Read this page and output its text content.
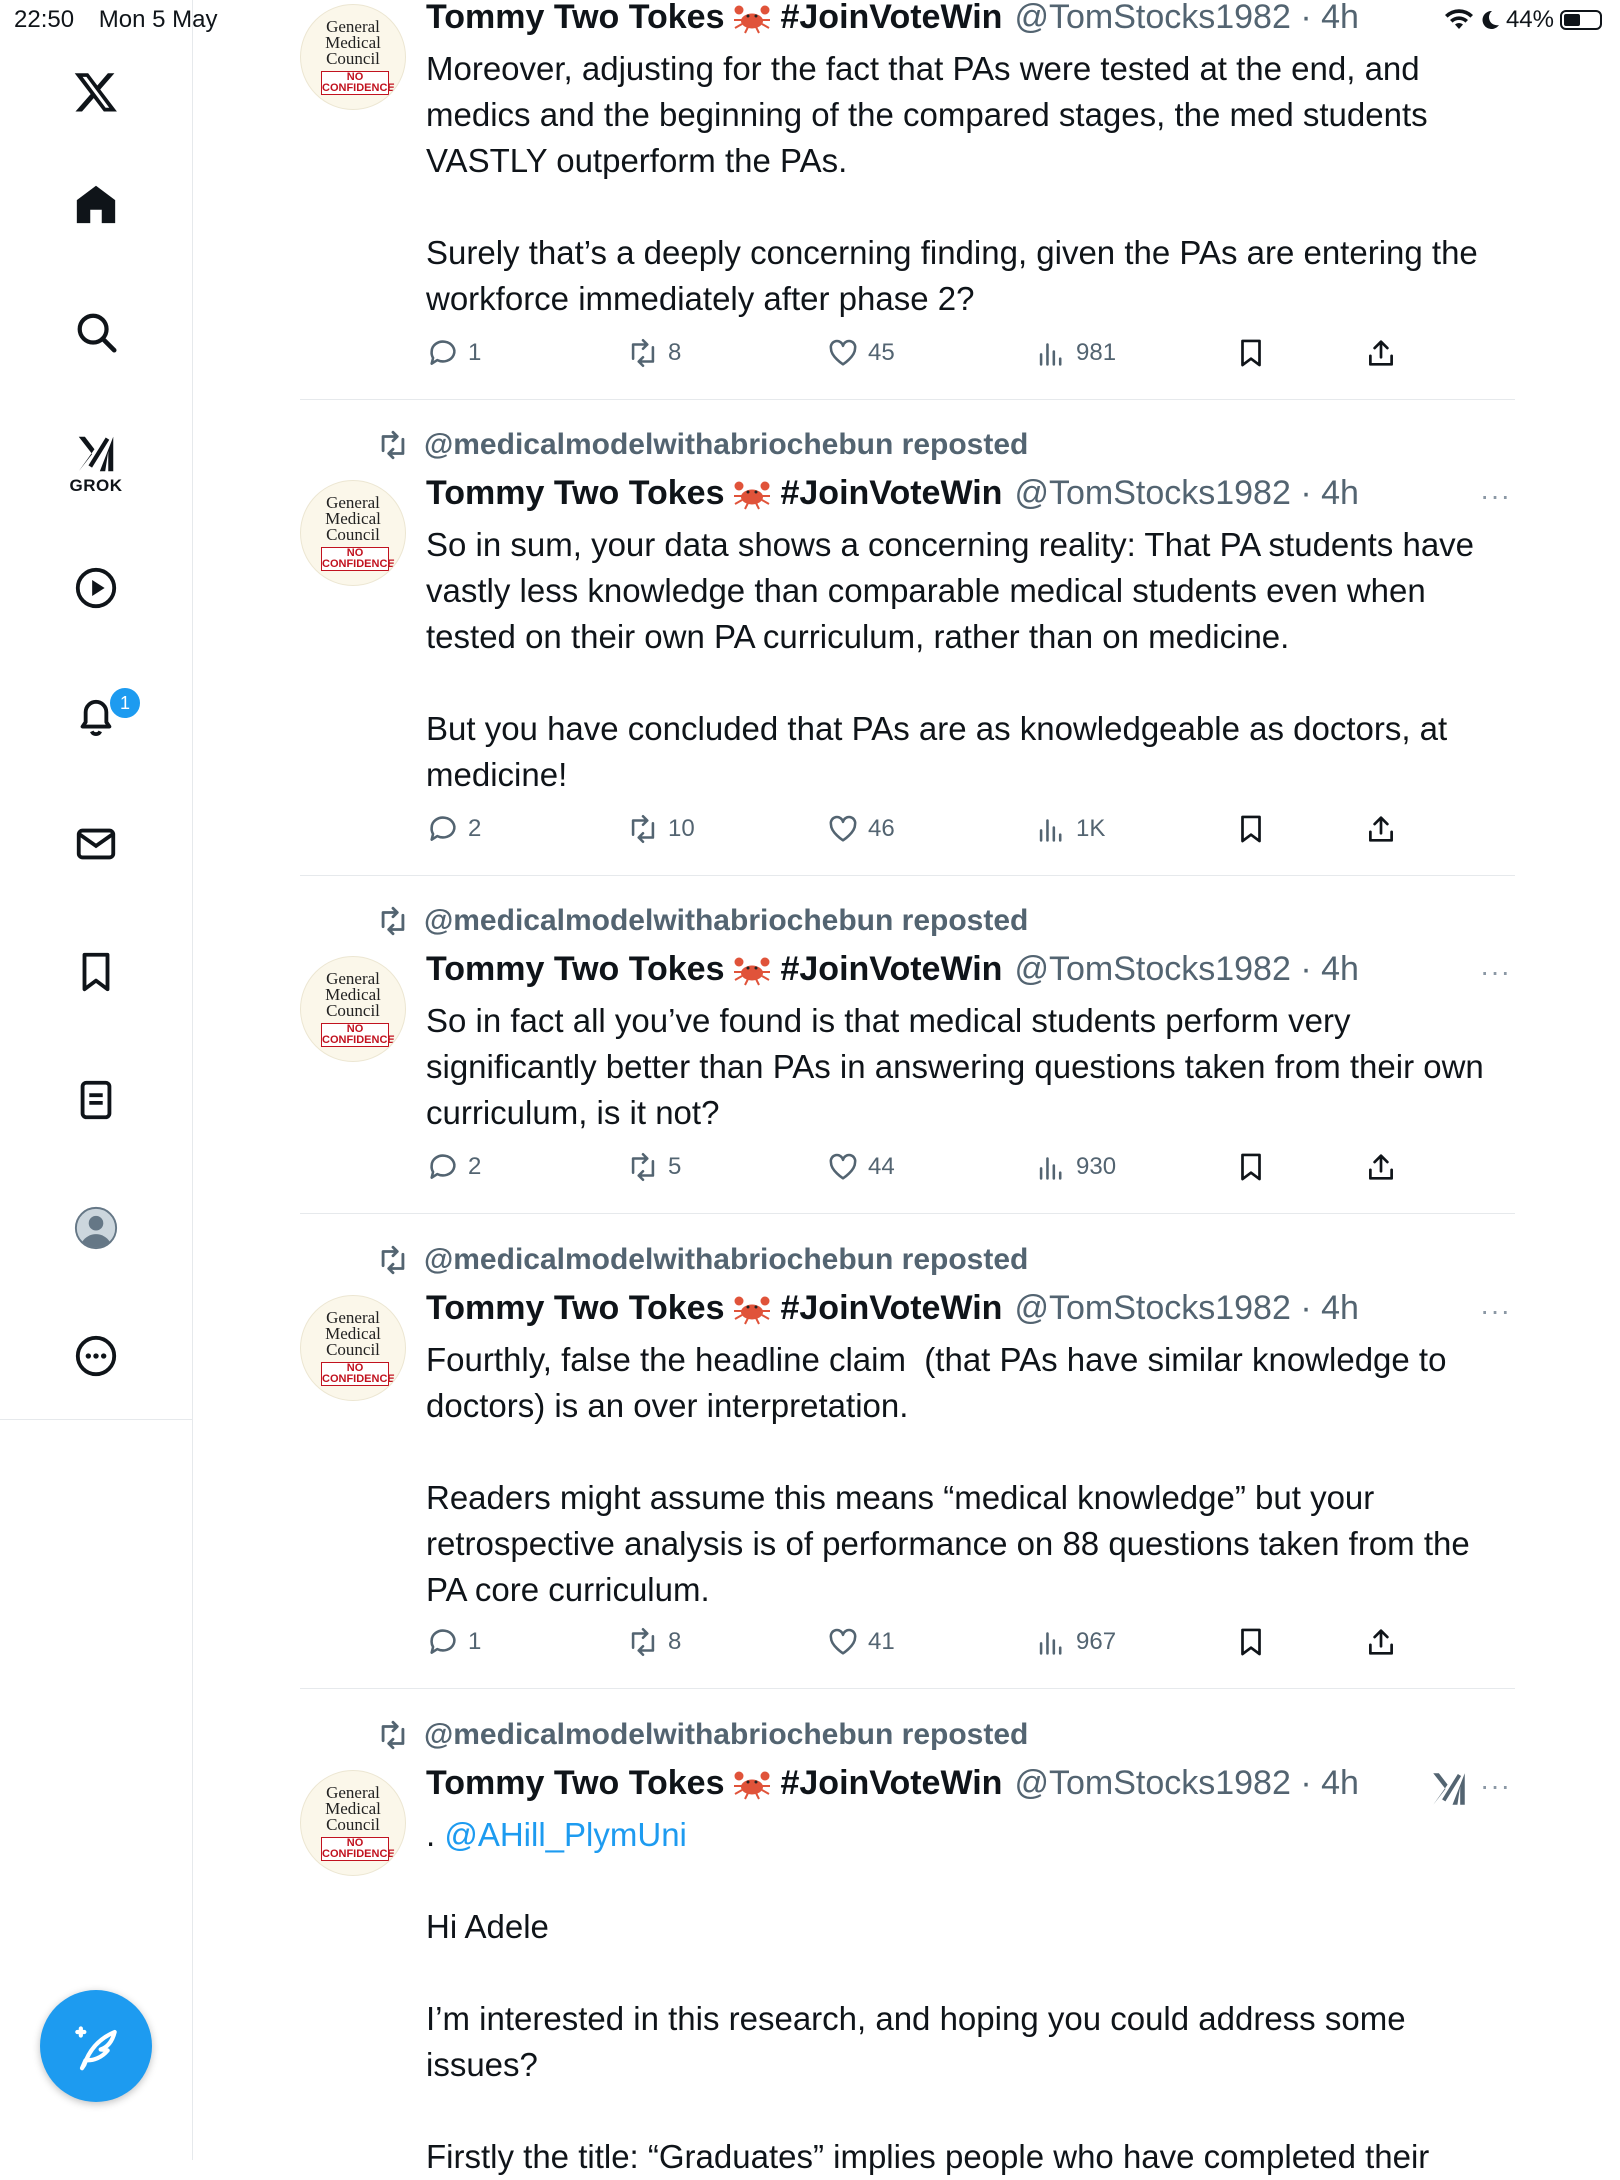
22:50 Mon 5 May	44%
GROK
1
General
Medical
Council
NO
CONFIDENCE
Tommy Two Tokes #JoinVoteWin @TomStocks1982 · 4h
Moreover, adjusting for the fact that PAs were tested at the end, and medics and the beginning of the compared stages, the med students VASTLY outperform the PAs.

Surely that’s a deeply concerning finding, given the PAs are entering the workforce immediately after phase 2?
1	8	45	981
@medicalmodelwithabriochebun reposted
General
Medical
Council
NO
CONFIDENCE
Tommy Two Tokes #JoinVoteWin @TomStocks1982 · 4h	···
So in sum, your data shows a concerning reality: That PA students have vastly less knowledge than comparable medical students even when tested on their own PA curriculum, rather than on medicine.

But you have concluded that PAs are as knowledgeable as doctors, at medicine!
2	10	46	1K
@medicalmodelwithabriochebun reposted
General
Medical
Council
NO
CONFIDENCE
Tommy Two Tokes #JoinVoteWin @TomStocks1982 · 4h	···
So in fact all you’ve found is that medical students perform very significantly better than PAs in answering questions taken from their own curriculum, is it not?
2	5	44	930
@medicalmodelwithabriochebun reposted
General
Medical
Council
NO
CONFIDENCE
Tommy Two Tokes #JoinVoteWin @TomStocks1982 · 4h	···
Fourthly, false the headline claim  (that PAs have similar knowledge to doctors) is an over interpretation.

Readers might assume this means “medical knowledge” but your retrospective analysis is of performance on 88 questions taken from the PA core curriculum.
1	8	41	967
@medicalmodelwithabriochebun reposted
General
Medical
Council
NO
CONFIDENCE
Tommy Two Tokes #JoinVoteWin @TomStocks1982 · 4h	···
. @AHill_PlymUni

Hi Adele

I’m interested in this research, and hoping you could address some issues?

Firstly the title: “Graduates” implies people who have completed their
